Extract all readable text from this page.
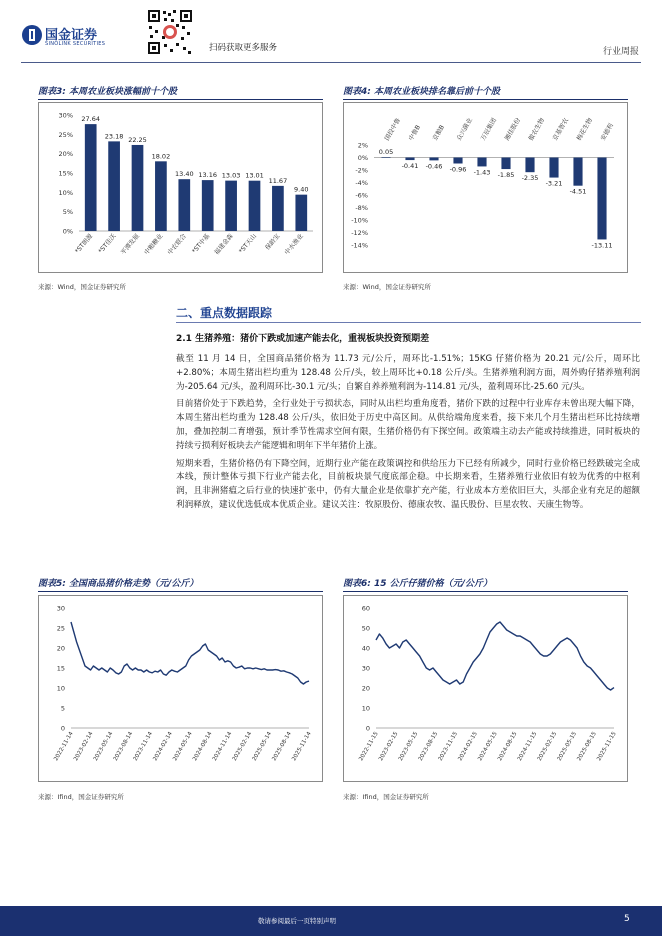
国金证券
SINOLINK SECURITIES	扫码获取更多服务	行业周报
图表3: 本周农业板块涨幅前十个股
30%
25%
20%
15%
10%
5%
0%
27.64
*ST朗源
23.18
*ST佳沃
22.25
平潭发展
18.02
中粮糖业
13.40
中农联合
13.16
*ST中基
13.03
福建金森
13.01
*ST天山
11.67
保龄宝
9.40
中水渔业
来源：Wind，国金证券研究所
图表4: 本周农业板块排名靠后前十个股
2%
0%
-2%
-4%
-6%
-8%
-10%
-12%
-14%
0.05
国投中鲁
-0.41
中鲁B
-0.46
京粮B
-0.96
众兴菌业
-1.43
万辰集团
-1.85
湘佳股份
-2.35
傲农生物
-3.21
京基智农
-4.51
梅花生物
-13.11
安德利
来源：Wind，国金证券研究所
二、重点数据跟踪
2.1 生猪养殖：猪价下跌或加速产能去化，重视板块投资预期差

截至 11 月 14 日，全国商品猪价格为 11.73 元/公斤，周环比-1.51%；15KG 仔猪价格为 20.21 元/公斤，周环比+2.80%；本周生猪出栏均重为 128.48 公斤/头，较上周环比+0.18 公斤/头。生猪养殖利润方面，周外购仔猪养殖利润为-205.64 元/头，盈利周环比-30.1 元/头；自繁自养养殖利润为-114.81 元/头，盈利周环比-25.60 元/头。

目前猪价处于下跌趋势，全行业处于亏损状态，同时从出栏均重角度看，猪价下跌的过程中行业库存未曾出现大幅下降，本周生猪出栏均重为 128.48 公斤/头，依旧处于历史中高区间。从供给端角度来看，接下来几个月生猪出栏环比持续增加，叠加控制二育增强，预计季节性需求空间有限，生猪价格仍有下探空间。政策端主动去产能或持续推进，同时板块的持续亏损利好板块去产能逻辑和明年下半年猪价上涨。

短期来看，生猪价格仍有下降空间，近期行业产能在政策调控和供给压力下已经有所减少，同时行业价格已经跌破完全成本线，预计整体亏损下行业产能去化，目前板块景气度底部企稳。中长期来看，生猪养殖行业依旧有较为优秀的中枢利润，且非洲猪瘟之后行业的快速扩张中，仍有大量企业是依靠扩充产能，行业成本方差依旧巨大，头部企业有充足的超额利润释放，建议优选低成本优质企业。建议关注：牧原股份、德康农牧、温氏股份、巨星农牧、天康生物等。

图表5: 全国商品猪价格走势（元/公斤）
30
25
20
15
10
5
0
2022-11-14
2023-02-14
2023-05-14
2023-08-14
2023-11-14
2024-02-14
2024-05-14
2024-08-14
2024-11-14
2025-02-14
2025-05-14
2025-08-14
2025-11-14
来源：Ifind，国金证券研究所
图表6: 15 公斤仔猪价格（元/公斤）
60
50
40
30
20
10
0
2022-11-15
2023-02-15
2023-05-15
2023-08-15
2023-11-15
2024-02-15
2024-05-15
2024-08-15
2024-11-15
2025-02-15
2025-05-15
2025-08-15
2025-11-15
来源：Ifind，国金证券研究所
敬请参阅最后一页特别声明	5
